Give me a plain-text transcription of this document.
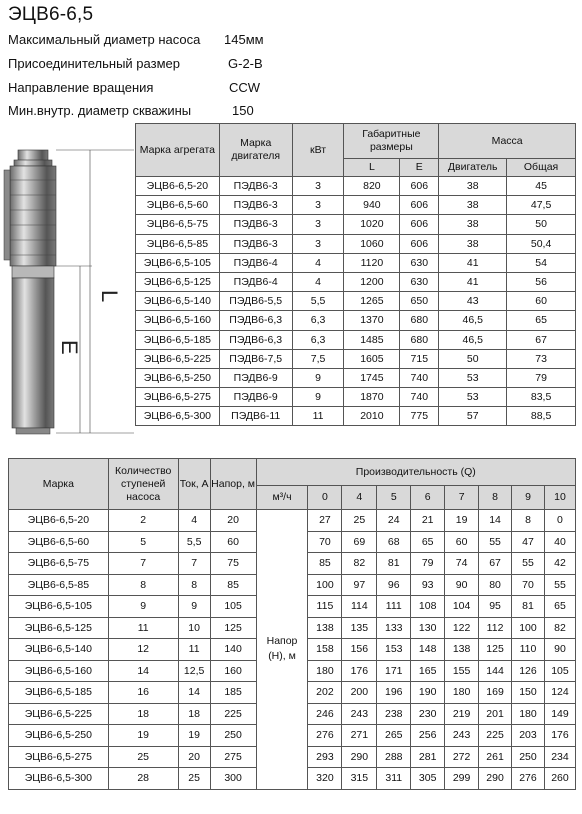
ЭЦВ6-6,5
Максимальный диаметр насоса 145мм
Присоединительный размер	G-2-В
Направление вращения	CCW
Мин.внутр. диаметр скважины	150
L
E
Марка агрегата	Марка двигателя	кВт	Габаритные размеры		Масса	
			L	E	Двигатель	Общая
ЭЦВ6-6,5-20	ПЭДВ6-3	3	820	606	38	45
ЭЦВ6-6,5-60	ПЭДВ6-3	3	940	606	38	47,5
ЭЦВ6-6,5-75	ПЭДВ6-3	3	1020	606	38	50
ЭЦВ6-6,5-85	ПЭДВ6-3	3	1060	606	38	50,4
ЭЦВ6-6,5-105	ПЭДВ6-4	4	1120	630	41	54
ЭЦВ6-6,5-125	ПЭДВ6-4	4	1200	630	41	56
ЭЦВ6-6,5-140	ПЭДВ6-5,5	5,5	1265	650	43	60
ЭЦВ6-6,5-160	ПЭДВ6-6,3	6,3	1370	680	46,5	65
ЭЦВ6-6,5-185	ПЭДВ6-6,3	6,3	1485	680	46,5	67
ЭЦВ6-6,5-225	ПЭДВ6-7,5	7,5	1605	715	50	73
ЭЦВ6-6,5-250	ПЭДВ6-9	9	1745	740	53	79
ЭЦВ6-6,5-275	ПЭДВ6-9	9	1870	740	53	83,5
ЭЦВ6-6,5-300	ПЭДВ6-11	11	2010	775	57	88,5
Марка	Количество ступеней насоса	Ток, А	Напор, м	Производительность (Q)								
				м³/ч	0	4	5	6	7	8	9	10
ЭЦВ6-6,5-20	2	4	20	Напор (Н), м	27	25	24	21	19	14	8	0
ЭЦВ6-6,5-60	5	5,5	60		70	69	68	65	60	55	47	40
ЭЦВ6-6,5-75	7	7	75		85	82	81	79	74	67	55	42
ЭЦВ6-6,5-85	8	8	85		100	97	96	93	90	80	70	55
ЭЦВ6-6,5-105	9	9	105		115	114	111	108	104	95	81	65
ЭЦВ6-6,5-125	11	10	125		138	135	133	130	122	112	100	82
ЭЦВ6-6,5-140	12	11	140		158	156	153	148	138	125	110	90
ЭЦВ6-6,5-160	14	12,5	160		180	176	171	165	155	144	126	105
ЭЦВ6-6,5-185	16	14	185		202	200	196	190	180	169	150	124
ЭЦВ6-6,5-225	18	18	225		246	243	238	230	219	201	180	149
ЭЦВ6-6,5-250	19	19	250		276	271	265	256	243	225	203	176
ЭЦВ6-6,5-275	25	20	275		293	290	288	281	272	261	250	234
ЭЦВ6-6,5-300	28	25	300		320	315	311	305	299	290	276	260
